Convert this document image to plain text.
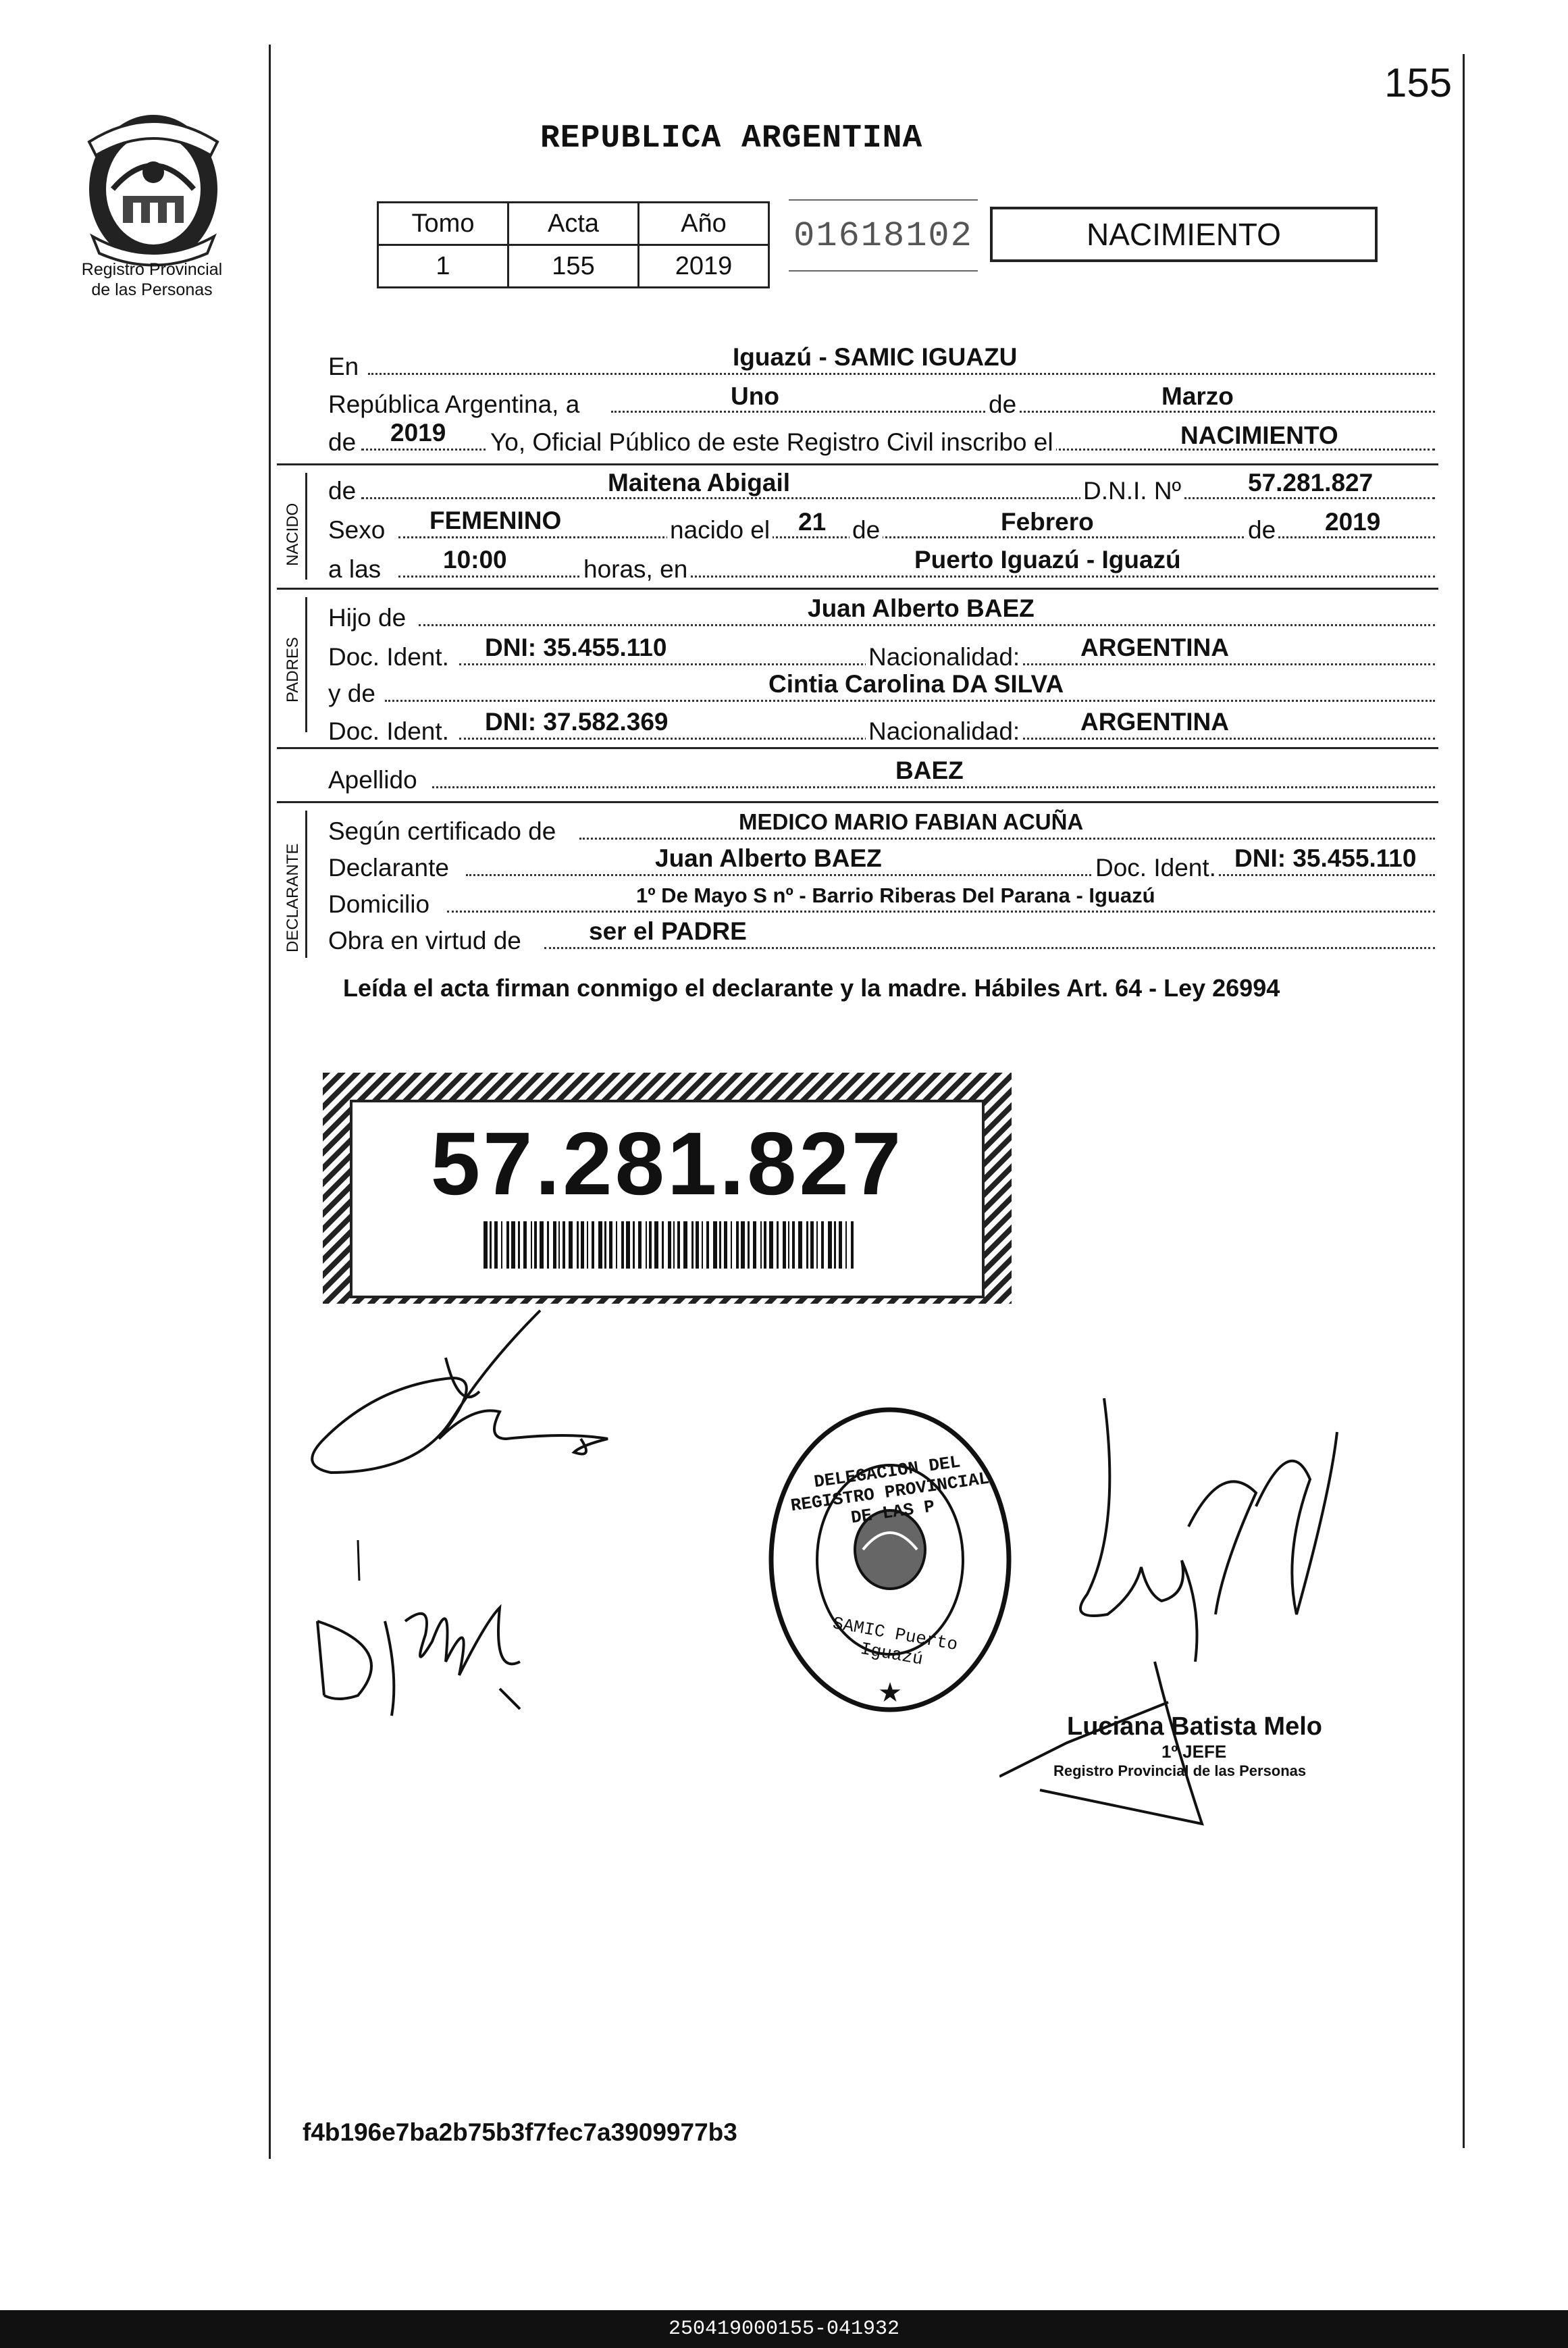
155
Registro Provincial
de las Personas
REPUBLICA ARGENTINA
Tomo	Acta	Año
1	155	2019
01618102	NACIMIENTO
En	Iguazú - SAMIC IGUAZU
República Argentina, a	Uno	de	Marzo
de 2019 Yo, Oficial Público de este Registro Civil inscribo el	NACIMIENTO
NACIDO
de	Maitena Abigail	D.N.I. Nº	57.281.827
Sexo FEMENINO	nacido el 21 de	Febrero	de 2019
a las 10:00	horas, en	Puerto Iguazú - Iguazú
PADRES
Hijo de	Juan Alberto BAEZ
Doc. Ident. DNI: 35.455.110	Nacionalidad: ARGENTINA
y de	Cintia Carolina DA SILVA
Doc. Ident. DNI: 37.582.369	Nacionalidad: ARGENTINA
Apellido	BAEZ
DECLARANTE
Según certificado de	MEDICO MARIO FABIAN ACUÑA
Declarante	Juan Alberto BAEZ	Doc. Ident. DNI: 35.455.110
Domicilio	1º De Mayo S nº - Barrio Riberas Del Parana - Iguazú
Obra en virtud de	ser el PADRE
Leída el acta firman conmigo el declarante y la madre. Hábiles Art. 64 - Ley 26994
57.281.827
★
DELEGACION DEL REGISTRO PROVINCIAL DE LAS P
SAMIC Puerto Iguazú
Luciana Batista Melo
1º JEFE
Registro Provincial de las Personas
f4b196e7ba2b75b3f7fec7a3909977b3
250419000155-041932
